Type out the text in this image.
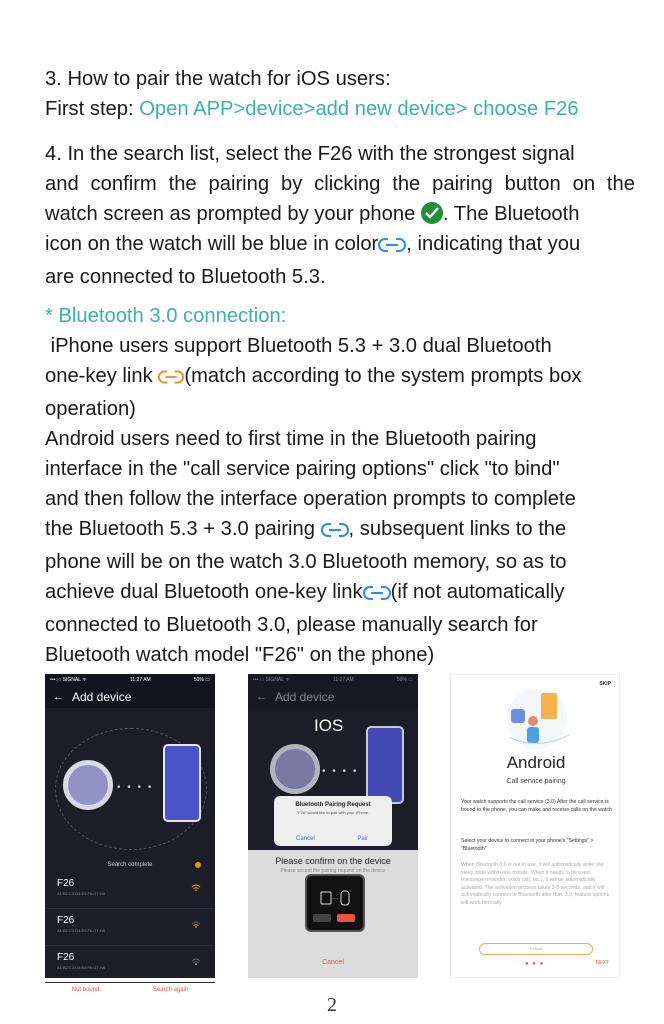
3. How to pair the watch for iOS users:
First step: Open APP>device>add new device> choose F26
4. In the search list, select the F26 with the strongest signal
and confirm the pairing by clicking the pairing button on the
watch screen as prompted by your phone . The Bluetooth
icon on the watch will be blue in color , indicating that you
are connected to Bluetooth 5.3.
* Bluetooth 3.0 connection:
iPhone users support Bluetooth 5.3 + 3.0 dual Bluetooth
one-key link (match according to the system prompts box
operation)
Android users need to first time in the Bluetooth pairing
interface in the "call service pairing options" click "to bind"
and then follow the interface operation prompts to complete
the Bluetooth 5.3 + 3.0 pairing , subsequent links to the
phone will be on the watch 3.0 Bluetooth memory, so as to
achieve dual Bluetooth one-key link (if not automatically
connected to Bluetooth 3.0, please manually search for
Bluetooth watch model "F26" on the phone)
•••○○ SIGNAL ᯤ	11:27 AM	50% ▭
← Add device
• • • •
Search complete
F26
A1:B2:C3:D4:E5:F6:G7:H8
F26
A1:B2:C3:D4:E5:F6:G7:H8
F26
A1:B2:C3:D4:E5:F6:G7:H8
Not bound	Search again
•••○○ SIGNAL ᯤ	11:27 AM	50% ▭
← Add device
IOS
• • • •
Bluetooth Pairing Request
"F26" would like to pair with your iPhone.
Cancel	Pair
Please confirm on the device
Please accept the pairing request on the device
···
Cancel
SKIP
Android
Call service pairing
Your watch supports the call service (3.0) After the call service is bound to the phone, you can make and receive calls on the watch
Select your device to connect in your phone's "Settings" > "Bluetooth"
When Bluetooth 3.0 is not in use, it will automatically enter the sleep state within one minute. When it needs to be used (message reminder, voice call, etc.), it will be automatically activated. The activation process takes 3-5 seconds, and it will automatically connect to Bluetooth after that. 3.0, feature options will work normally.
To bind
● ● ●	NEXT
2
